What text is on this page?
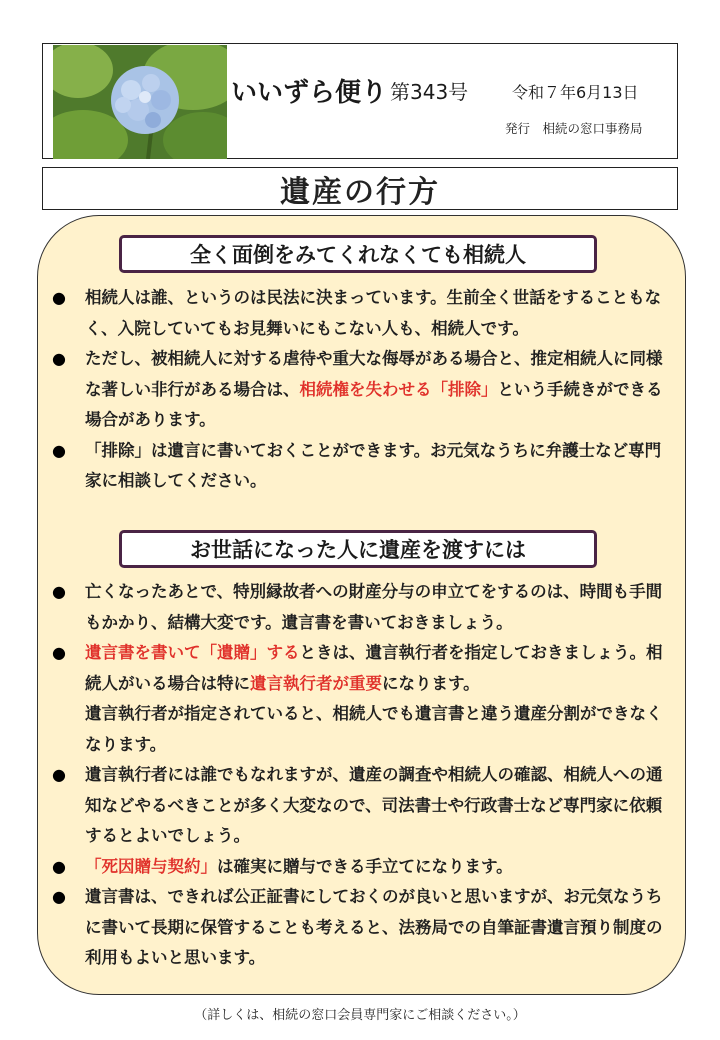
いいずら便り 第343号	令和７年6月13日
発行　相続の窓口事務局
遺産の行方
全く面倒をみてくれなくても相続人
● 相続人は誰、というのは民法に決まっています。生前全く世話をすることもなく、入院していてもお見舞いにもこない人も、相続人です。
● ただし、被相続人に対する虐待や重大な侮辱がある場合と、推定相続人に同様な著しい非行がある場合は、相続権を失わせる「排除」という手続きができる場合があります。
● 「排除」は遺言に書いておくことができます。お元気なうちに弁護士など専門家に相談してください。
お世話になった人に遺産を渡すには
● 亡くなったあとで、特別縁故者への財産分与の申立てをするのは、時間も手間もかかり、結構大変です。遺言書を書いておきましょう。
● 遺言書を書いて「遺贈」するときは、遺言執行者を指定しておきましょう。相続人がいる場合は特に遺言執行者が重要になります。
遺言執行者が指定されていると、相続人でも遺言書と違う遺産分割ができなくなります。
● 遺言執行者には誰でもなれますが、遺産の調査や相続人の確認、相続人への通知などやるべきことが多く大変なので、司法書士や行政書士など専門家に依頼するとよいでしょう。
● 「死因贈与契約」は確実に贈与できる手立てになります。
● 遺言書は、できれば公正証書にしておくのが良いと思いますが、お元気なうちに書いて長期に保管することも考えると、法務局での自筆証書遺言預り制度の利用もよいと思います。
（詳しくは、相続の窓口会員専門家にご相談ください。）
